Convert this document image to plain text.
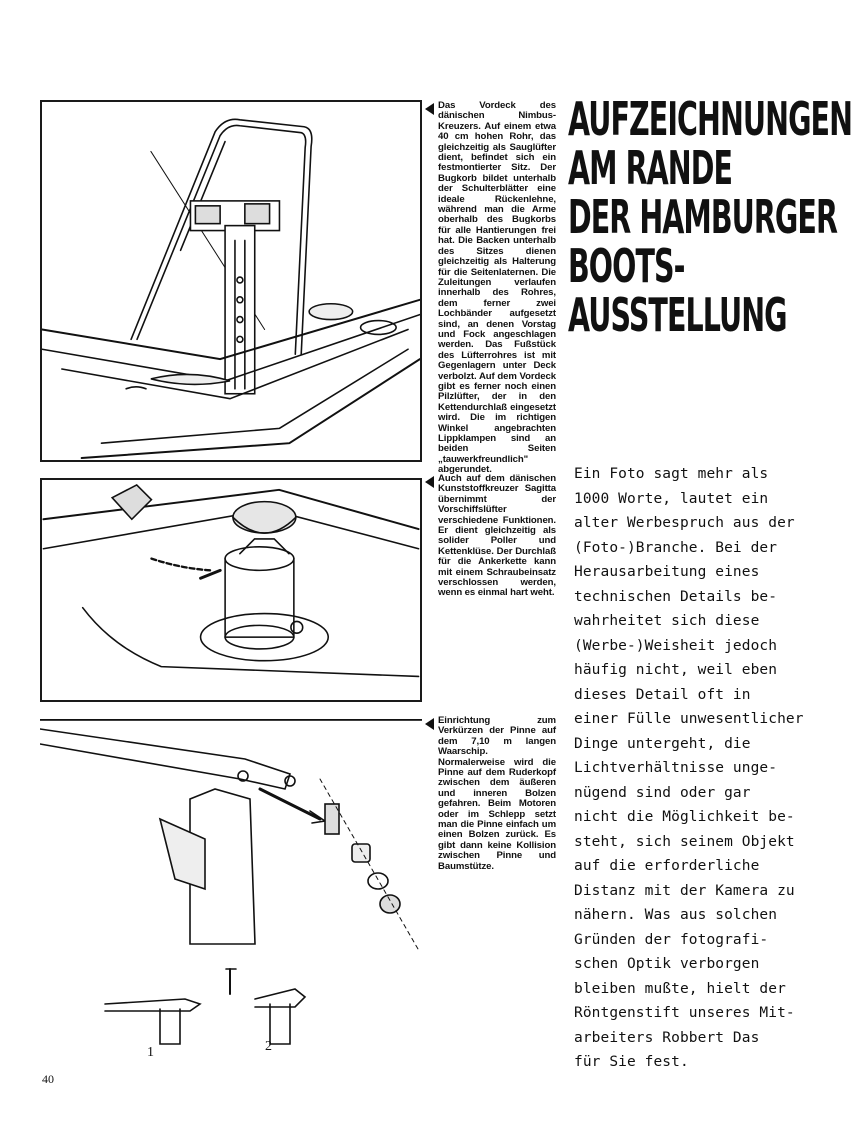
Das Vordeck des dänischen Nimbus-Kreuzers. Auf einem etwa 40 cm hohen Rohr, das gleichzeitig als Sauglüfter dient, befindet sich ein festmontierter Sitz. Der Bugkorb bildet unterhalb der Schulterblätter eine ideale Rückenlehne, während man die Arme oberhalb des Bugkorbs für alle Hantierungen frei hat. Die Backen unterhalb des Sitzes dienen gleichzeitig als Halterung für die Seitenlaternen. Die Zuleitungen verlaufen innerhalb des Rohres, dem ferner zwei Lochbänder aufgesetzt sind, an denen Vorstag und Fock angeschlagen werden. Das Fußstück des Lüfterrohres ist mit Gegenlagern unter Deck verbolzt. Auf dem Vordeck gibt es ferner noch einen Pilzlüfter, der in den Kettendurchlaß eingesetzt wird. Die im richtigen Winkel angebrachten Lippklampen sind an beiden Seiten „tauwerkfreundlich" abgerundet.

Auch auf dem dänischen Kunststoffkreuzer Sagitta übernimmt der Vorschiffslüfter verschiedene Funktionen. Er dient gleichzeitig als solider Poller und Kettenklüse. Der Durchlaß für die Ankerkette kann mit einem Schraubeinsatz verschlossen werden, wenn es einmal hart weht.

1	2

Einrichtung zum Verkürzen der Pinne auf dem 7,10 m langen Waarschip. Normalerweise wird die Pinne auf dem Ruderkopf zwischen dem äußeren und inneren Bolzen gefahren. Beim Motoren oder im Schlepp setzt man die Pinne einfach um einen Bolzen zurück. Es gibt dann keine Kollision zwischen Pinne und Baumstütze.

AUFZEICHNUNGEN
AM RANDE
DER HAMBURGER
BOOTS-
AUSSTELLUNG
Ein Foto sagt mehr als
1000 Worte, lautet ein
alter Werbespruch aus der
(Foto-)Branche. Bei der
Herausarbeitung eines
technischen Details be-
wahrheitet sich diese
(Werbe-)Weisheit jedoch
häufig nicht, weil eben
dieses Detail oft in
einer Fülle unwesentlicher
Dinge untergeht, die
Lichtverhältnisse unge-
nügend sind oder gar
nicht die Möglichkeit be-
steht, sich seinem Objekt
auf die erforderliche
Distanz mit der Kamera zu
nähern. Was aus solchen
Gründen der fotografi-
schen Optik verborgen
bleiben mußte, hielt der
Röntgenstift unseres Mit-
arbeiters Robbert Das
für Sie fest.
40
